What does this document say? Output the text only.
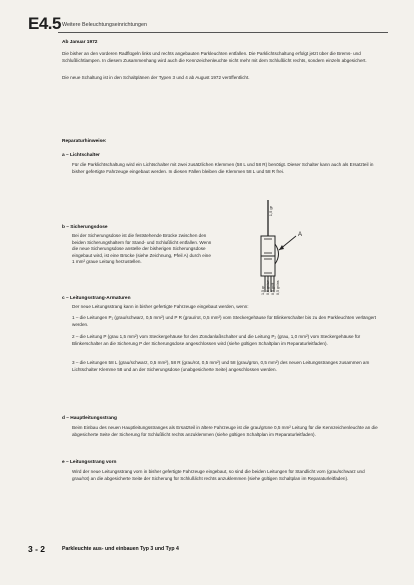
E 4.5 Weitere Beleuchtungseinrichtungen
Ab Januar 1972
Die bisher an den vorderen Radflügeln links und rechts angebauten Parkleuchten entfallen. Die Parklichtschaltung erfolgt jetzt über die Brems- und Schlußlichtlampen. In diesem Zusammenhang wird auch die Kennzeichenleuchte nicht mehr mit dem Schlußlicht rechts, sondern einzeln abgesichert.
Die neue Schaltung ist in den Schaltplänen der Typen 3 und 4 ab August 1972 veröffentlicht.
Reparaturhinweise:
a – Lichtschalter
Für die Parklichtschaltung wird ein Lichtschalter mit zwei zusätzlichen Klemmen (58 L und 58 R) benötigt. Dieser Schalter kann auch als Ersatzteil in bisher gefertigte Fahrzeuge eingebaut werden. In diesen Fällen bleiben die Klemmen 58 L und 58 R frei.
b – Sicherungsdose
Bei der Sicherungsdose ist die feststehende Brücke zwischen den beiden Sicherungshaltern für Stand- und Schlußlicht entfallen. Wenn die neue Sicherungsdose anstelle der bisherigen Sicherungsdose eingebaut wird, ist eine Brücke (siehe Zeichnung, Pfeil A) durch eine 1 mm² graue Leitung herzustellen.
1,5 gr
A
1,5 gr 0,5 gr/sw 0,5 gr/rt 0,5 gr/ws
c – Leitungsstrang-Armaturen
Der neue Leitungsstrang kann in bisher gefertigte Fahrzeuge eingebaut werden, wenn:
1 – die Leitungen P₁ (grau/schwarz, 0,5 mm²) und P R (grau/rot, 0,5 mm²) vom Steckergehäuse für Blinkerschalter bis zu den Parkleuchten verlängert werden.
2 – die Leitung P (grau 1,5 mm²) vom Steckergehäuse für den Zündanlaßschalter und die Leitung P₂ (grau, 1,0 mm²) vom Steckergehäuse für Blinkerschalter an die Sicherung P der Sicherungsdose angeschlossen wird (siehe gültigen Schaltplan im Reparaturleitfaden).
3 – die Leitungen 58 L (grau/schwarz, 0,5 mm²), 58 R (grau/rot, 0,5 mm²) und 58 (grau/grün, 0,5 mm²) des neuen Leitungsstranges zusammen am Lichtschalter Klemme 58 und an der Sicherungsdose (unabgesicherte Seite) angeschlossen werden.
d – Hauptleitungsstrang
Beim Einbau des neuen Hauptleitungsstranges als Ersatzteil in ältere Fahrzeuge ist die grau/grüne 0,5 mm² Leitung für die Kennzeichenleuchte an die abgesicherte Seite der Sicherung für Schlußlicht rechts anzuklemmen (siehe gültigen Schaltplan im Reparaturleitfaden).
e – Leitungsstrang vorn
Wird der neue Leitungsstrang vorn in bisher gefertigte Fahrzeuge eingebaut, so sind die beiden Leitungen für Standlicht vorn (grau/schwarz und grau/rot) an die abgesicherte Seite der Sicherung für Schlußlicht rechts anzuklemmen (siehe gültigen Schaltplan im Reparaturleitfaden).
3 - 2	Parkleuchte aus- und einbauen Typ 3 und Typ 4
